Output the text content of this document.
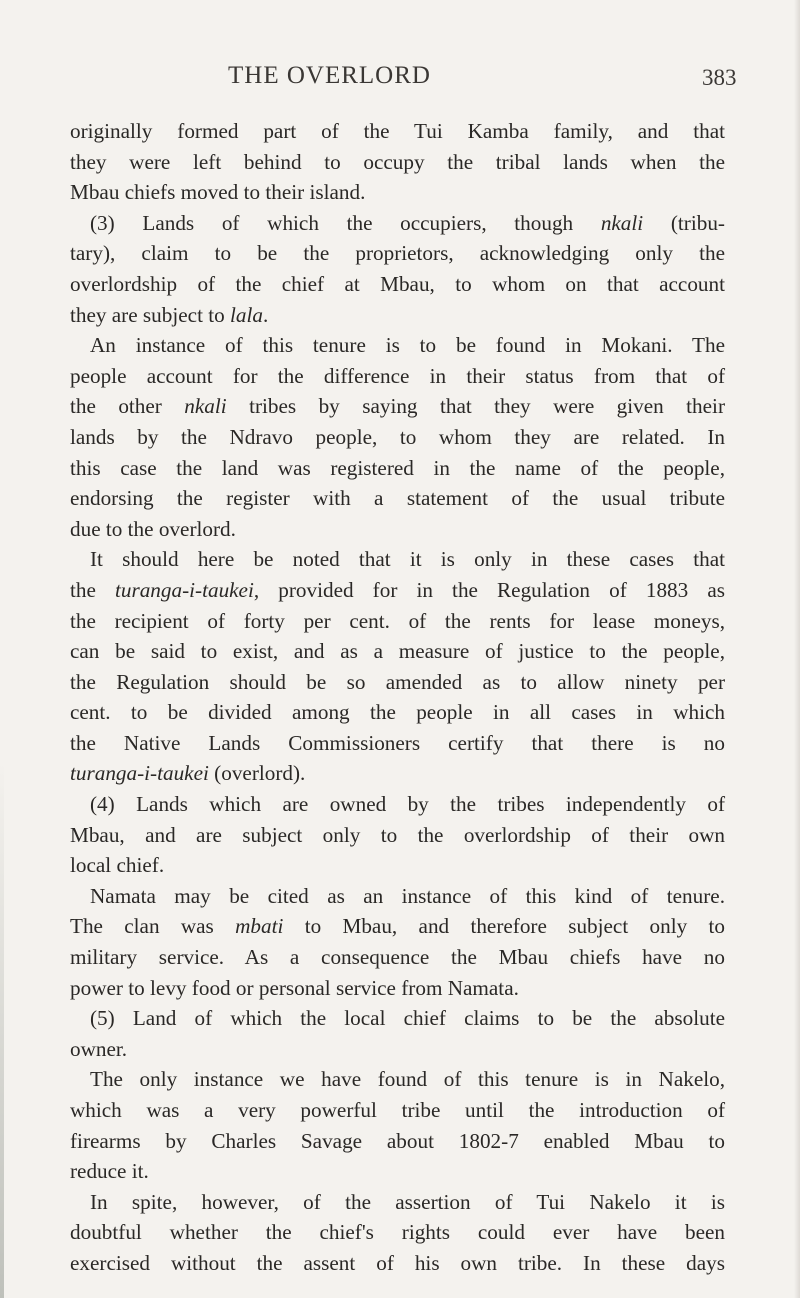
THE OVERLORD	383
originally formed part of the Tui Kamba family, and that
they were left behind to occupy the tribal lands when the
Mbau chiefs moved to their island.
(3) Lands of which the occupiers, though nkali (tribu-
tary), claim to be the proprietors, acknowledging only the
overlordship of the chief at Mbau, to whom on that account
they are subject to lala.
An instance of this tenure is to be found in Mokani. The
people account for the difference in their status from that of
the other nkali tribes by saying that they were given their
lands by the Ndravo people, to whom they are related. In
this case the land was registered in the name of the people,
endorsing the register with a statement of the usual tribute
due to the overlord.
It should here be noted that it is only in these cases that
the turanga-i-taukei, provided for in the Regulation of 1883 as
the recipient of forty per cent. of the rents for lease moneys,
can be said to exist, and as a measure of justice to the people,
the Regulation should be so amended as to allow ninety per
cent. to be divided among the people in all cases in which
the Native Lands Commissioners certify that there is no
turanga-i-taukei (overlord).
(4) Lands which are owned by the tribes independently of
Mbau, and are subject only to the overlordship of their own
local chief.
Namata may be cited as an instance of this kind of tenure.
The clan was mbati to Mbau, and therefore subject only to
military service. As a consequence the Mbau chiefs have no
power to levy food or personal service from Namata.
(5) Land of which the local chief claims to be the absolute
owner.
The only instance we have found of this tenure is in Nakelo,
which was a very powerful tribe until the introduction of
firearms by Charles Savage about 1802-7 enabled Mbau to
reduce it.
In spite, however, of the assertion of Tui Nakelo it is
doubtful whether the chief's rights could ever have been
exercised without the assent of his own tribe. In these days
